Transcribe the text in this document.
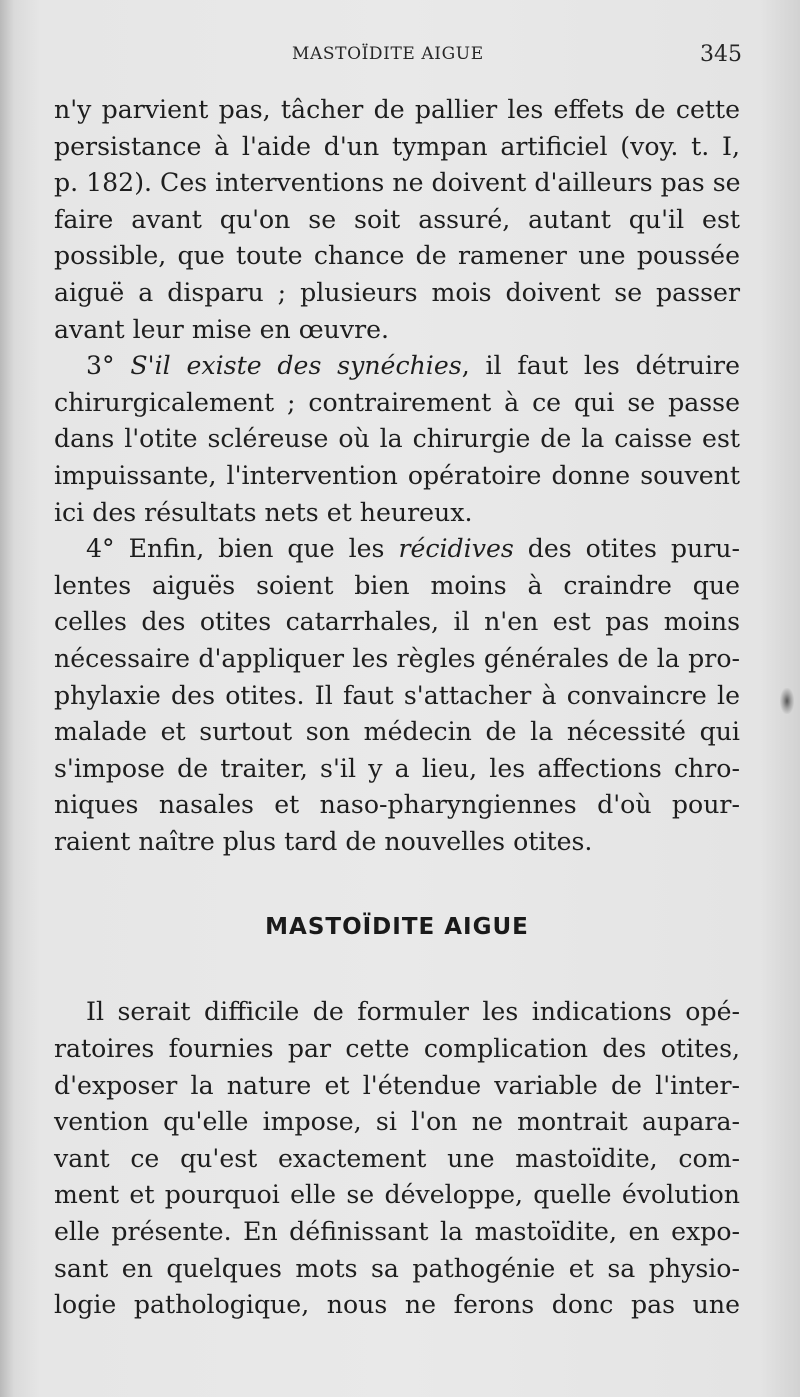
MASTOÏDITE AIGUE	345
n'y parvient pas, tâcher de pallier les effets de cette
persistance à l'aide d'un tympan artificiel (voy. t. I,
p. 182). Ces interventions ne doivent d'ailleurs pas se
faire avant qu'on se soit assuré, autant qu'il est
possible, que toute chance de ramener une poussée
aiguë a disparu ; plusieurs mois doivent se passer
avant leur mise en œuvre.
3° S'il existe des synéchies, il faut les détruire
chirurgicalement ; contrairement à ce qui se passe
dans l'otite scléreuse où la chirurgie de la caisse est
impuissante, l'intervention opératoire donne souvent
ici des résultats nets et heureux.
4° Enfin, bien que les récidives des otites puru-
lentes aiguës soient bien moins à craindre que
celles des otites catarrhales, il n'en est pas moins
nécessaire d'appliquer les règles générales de la pro-
phylaxie des otites. Il faut s'attacher à convaincre le
malade et surtout son médecin de la nécessité qui
s'impose de traiter, s'il y a lieu, les affections chro-
niques nasales et naso-pharyngiennes d'où pour-
raient naître plus tard de nouvelles otites.
MASTOÏDITE AIGUE
Il serait difficile de formuler les indications opé-
ratoires fournies par cette complication des otites,
d'exposer la nature et l'étendue variable de l'inter-
vention qu'elle impose, si l'on ne montrait aupara-
vant ce qu'est exactement une mastoïdite, com-
ment et pourquoi elle se développe, quelle évolution
elle présente. En définissant la mastoïdite, en expo-
sant en quelques mots sa pathogénie et sa physio-
logie pathologique, nous ne ferons donc pas une
